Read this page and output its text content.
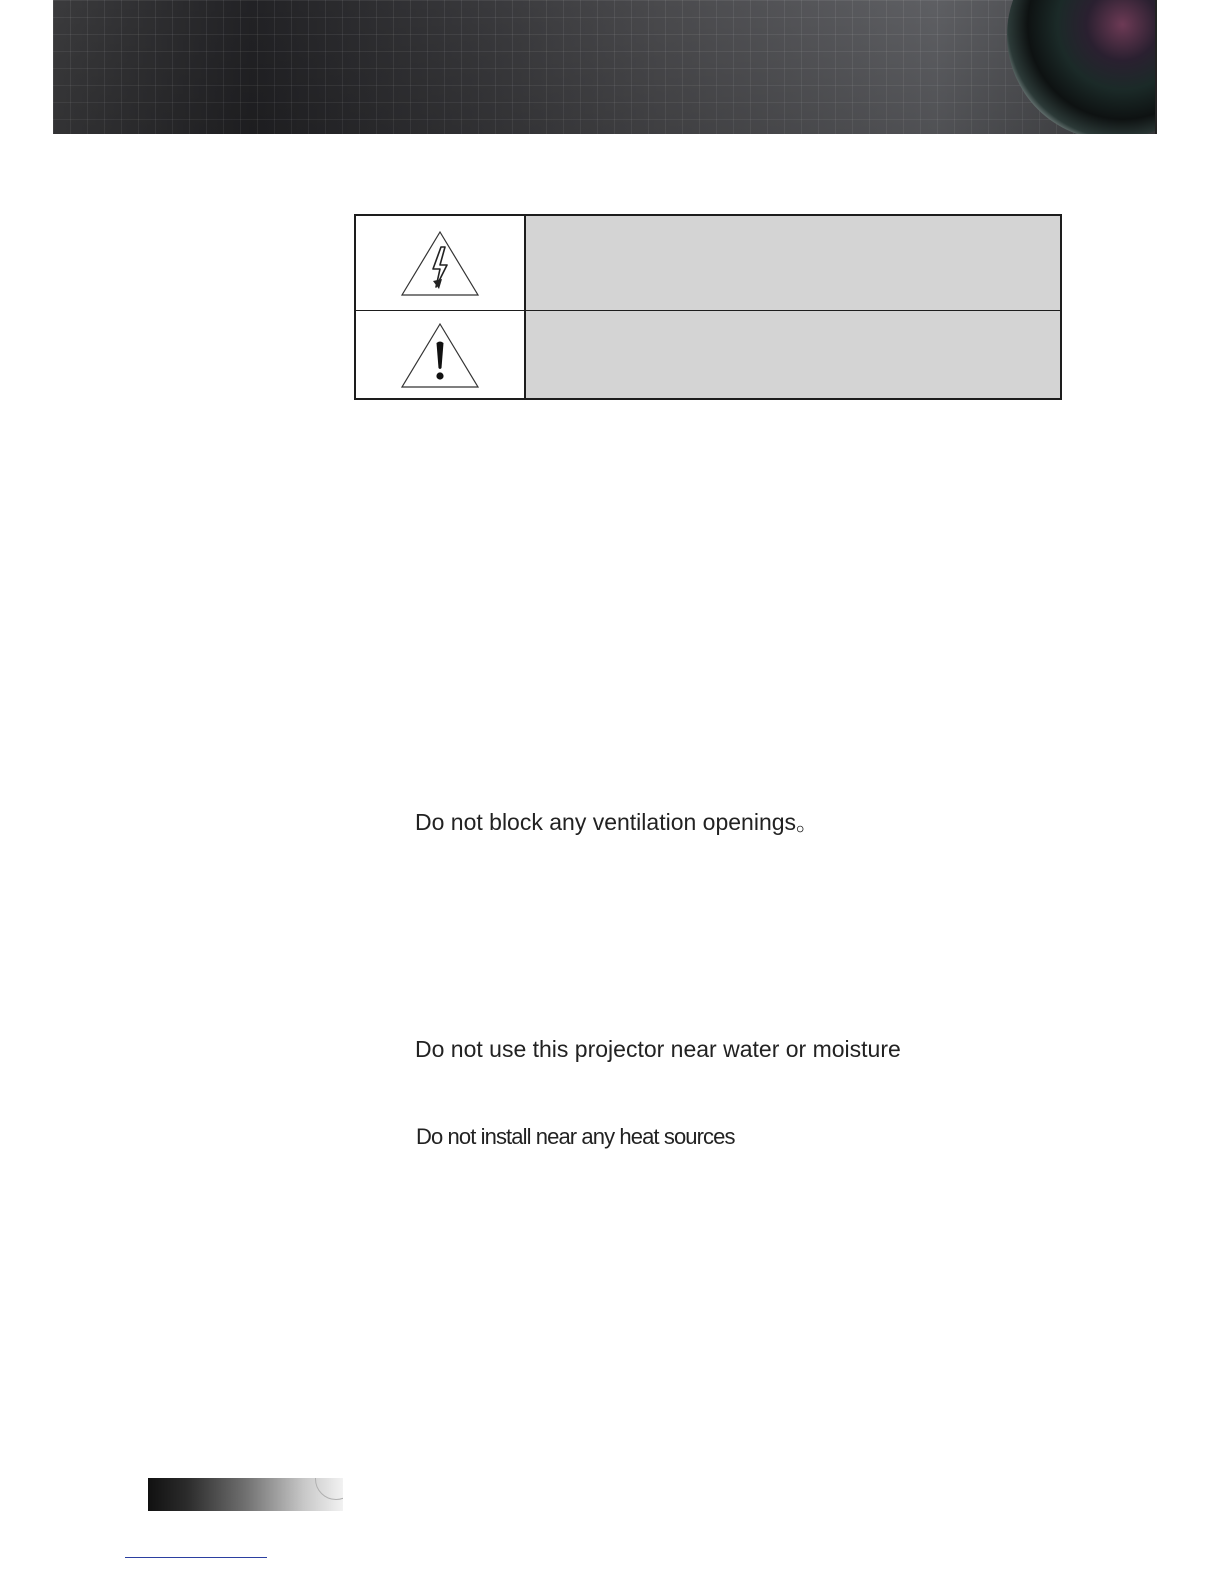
Do not block any ventilation openings。

Do not use this projector near water or moisture

Do not install near any heat sources
